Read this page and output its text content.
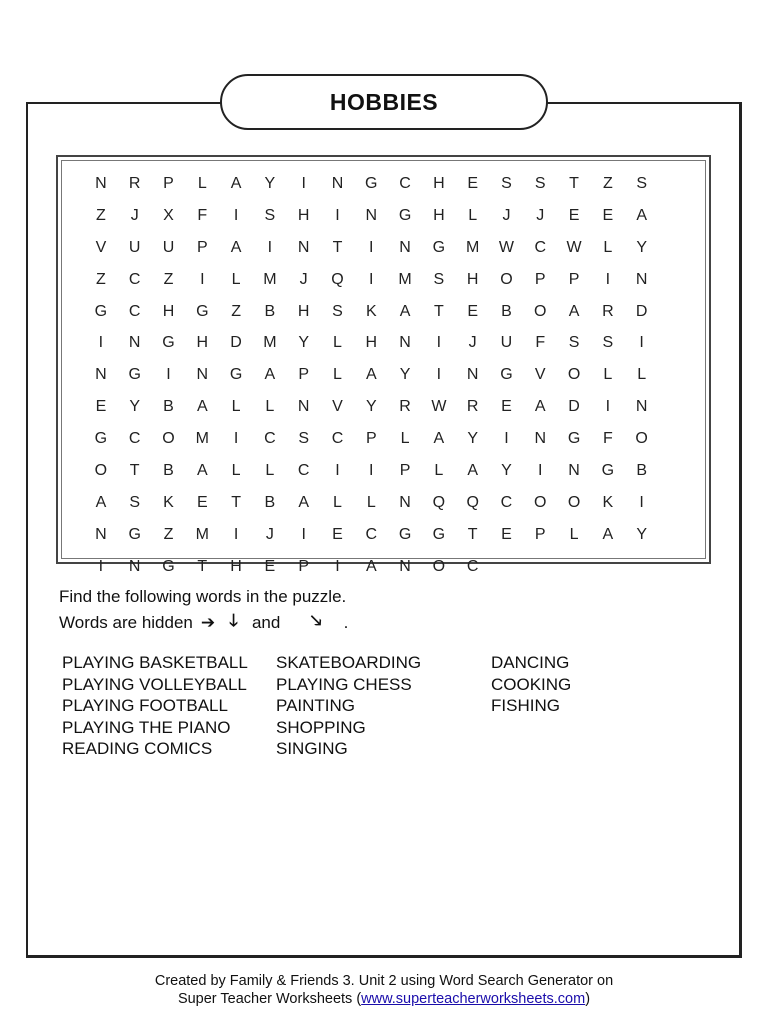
HOBBIES
N	R	P	L	A	Y	I	N	G	C	H	E	S	S	T	Z	S
Z	J	X	F	I	S	H	I	N	G	H	L	J	J	E	E	A
V	U	U	P	A	I	N	T	I	N	G	M	W	C	W	L	Y
Z	C	Z	I	L	M	J	Q	I	M	S	H	O	P	P	I	N
G	C	H	G	Z	B	H	S	K	A	T	E	B	O	A	R	D
I	N	G	H	D	M	Y	L	H	N	I	J	U	F	S	S	I
N	G	I	N	G	A	P	L	A	Y	I	N	G	V	O	L	L
E	Y	B	A	L	L	N	V	Y	R	W	R	E	A	D	I	N
G	C	O	M	I	C	S	C	P	L	A	Y	I	N	G	F	O
O	T	B	A	L	L	C	I	I	P	L	A	Y	I	N	G	B
A	S	K	E	T	B	A	L	L	N	Q	Q	C	O	O	K	I
N	G	Z	M	I	J	I	E	C	G	G	T	E	P	L	A	Y
I	N	G	T	H	E	P	I	A	N	O	C
Find the following words in the puzzle.
Words are hidden ➔ 🡓 and 🡖 .
PLAYING BASKETBALL
PLAYING VOLLEYBALL
PLAYING FOOTBALL
PLAYING THE PIANO
READING COMICS
SKATEBOARDING
PLAYING CHESS
PAINTING
SHOPPING
SINGING
DANCING
COOKING
FISHING
Created by Family & Friends 3. Unit 2 using Word Search Generator on
Super Teacher Worksheets (www.superteacherworksheets.com)
